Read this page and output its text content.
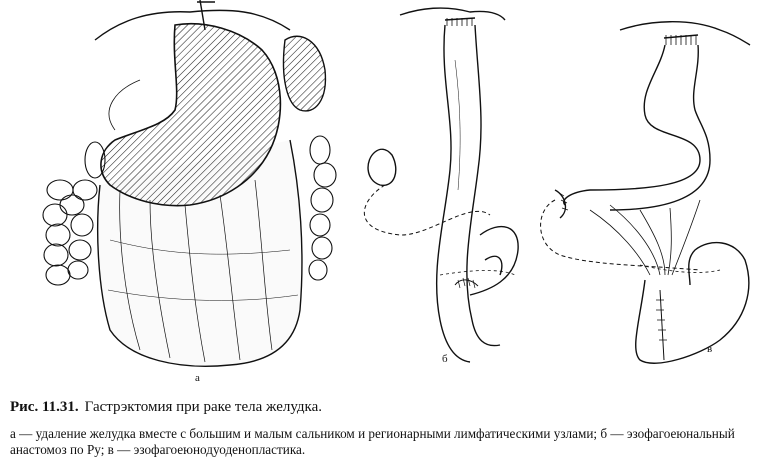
а
б
в

Рис. 11.31. Гастрэктомия при раке тела желудка.

а — удаление желудка вместе с большим и малым сальником и регионарными лимфатическими узлами; б — эзофагоеюнальный анастомоз по Ру; в — эзофагоеюнодуоденопластика.
